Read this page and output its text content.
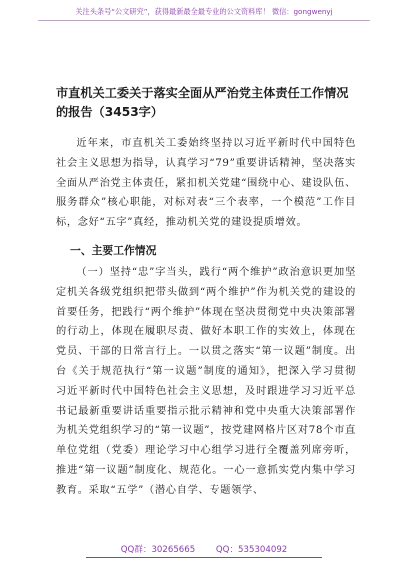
关注头条号“公文研究”，获得最新最全最专业的公文资料库！ 微信：gongwenyj

市直机关工委关于落实全面从严治党主体责任工作情况的报告（3453字）

近年来，市直机关工委始终坚持以习近平新时代中国特色社会主义思想为指导，认真学习“79”重要讲话精神，坚决落实全面从严治党主体责任，紧扣机关党建“围绕中心、建设队伍、服务群众”核心职能，对标对表“三个表率，一个模范”工作目标，念好“五字”真经，推动机关党的建设提质增效。

一、主要工作情况

（一）坚持“忠”字当头，践行“两个维护”政治意识更加坚定机关各级党组织把带头做到“两个维护”作为机关党的建设的首要任务，把践行“两个维护”体现在坚决贯彻党中央决策部署的行动上，体现在履职尽责、做好本职工作的实效上，体现在党员、干部的日常言行上。一以贯之落实“第一议题”制度。出台《关于规范执行“第一议题”制度的通知》，把深入学习贯彻习近平新时代中国特色社会主义思想，及时跟进学习习近平总书记最新重要讲话重要指示批示精神和党中央重大决策部署作为机关党组织学习的“第一议题”，按党建网格片区对78个市直单位党组（党委）理论学习中心组学习进行全覆盖列席旁听，推进“第一议题”制度化、规范化。一心一意抓实党内集中学习教育。采取“五学”（潜心自学、专题领学、

QQ群：30265665 QQ：535304092
